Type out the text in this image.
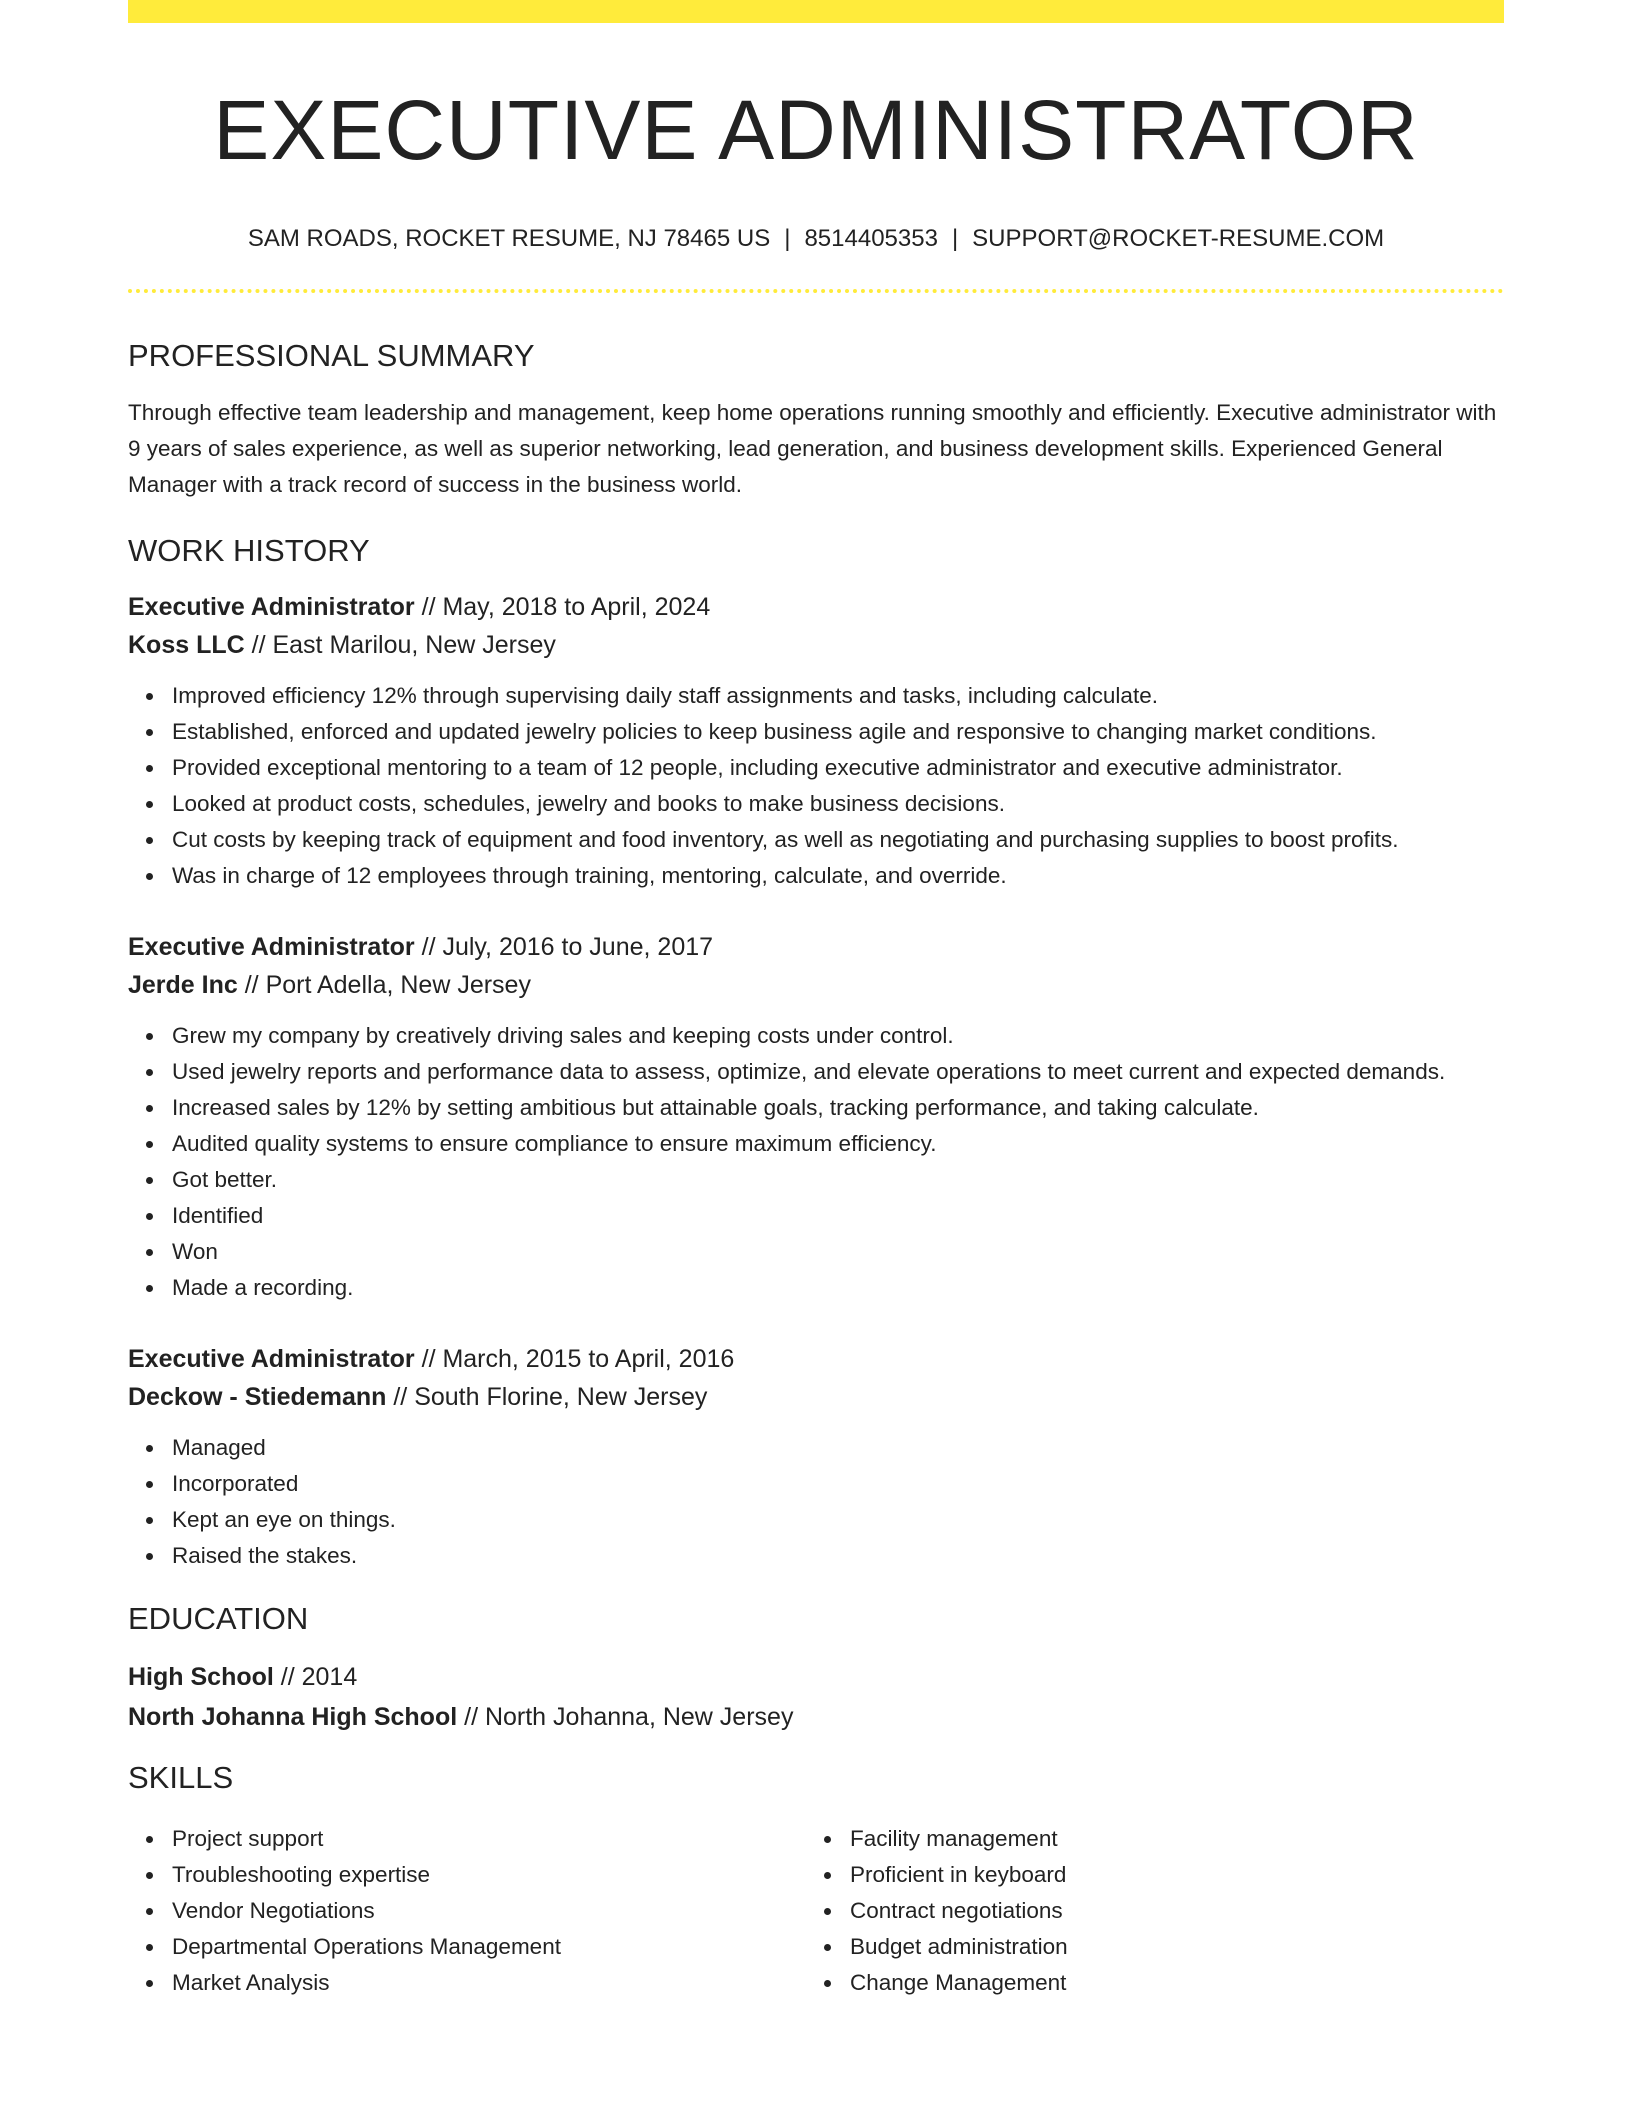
EXECUTIVE ADMINISTRATOR
SAM ROADS, ROCKET RESUME, NJ 78465 US | 8514405353 | SUPPORT@ROCKET-RESUME.COM
PROFESSIONAL SUMMARY

Through effective team leadership and management, keep home operations running smoothly and efficiently. Executive administrator with 9 years of sales experience, as well as superior networking, lead generation, and business development skills. Experienced General Manager with a track record of success in the business world.

WORK HISTORY
Executive Administrator // May, 2018 to April, 2024
Koss LLC // East Marilou, New Jersey
Improved efficiency 12% through supervising daily staff assignments and tasks, including calculate.
Established, enforced and updated jewelry policies to keep business agile and responsive to changing market conditions.
Provided exceptional mentoring to a team of 12 people, including executive administrator and executive administrator.
Looked at product costs, schedules, jewelry and books to make business decisions.
Cut costs by keeping track of equipment and food inventory, as well as negotiating and purchasing supplies to boost profits.
Was in charge of 12 employees through training, mentoring, calculate, and override.
Executive Administrator // July, 2016 to June, 2017
Jerde Inc // Port Adella, New Jersey
Grew my company by creatively driving sales and keeping costs under control.
Used jewelry reports and performance data to assess, optimize, and elevate operations to meet current and expected demands.
Increased sales by 12% by setting ambitious but attainable goals, tracking performance, and taking calculate.
Audited quality systems to ensure compliance to ensure maximum efficiency.
Got better.
Identified
Won
Made a recording.
Executive Administrator // March, 2015 to April, 2016
Deckow - Stiedemann // South Florine, New Jersey
Managed
Incorporated
Kept an eye on things.
Raised the stakes.
EDUCATION
High School // 2014
North Johanna High School // North Johanna, New Jersey
SKILLS
Project support
Troubleshooting expertise
Vendor Negotiations
Departmental Operations Management
Market Analysis
Facility management
Proficient in keyboard
Contract negotiations
Budget administration
Change Management
